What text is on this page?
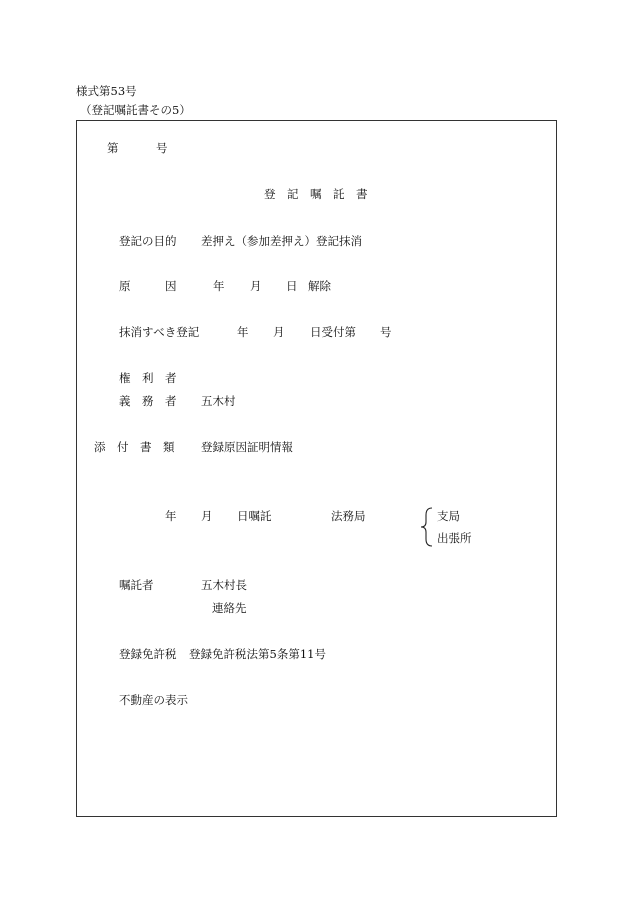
様式第53号
（登記嘱託書その5）
第	号
登　記　嘱　託　書
登記の目的 差押え（参加差押え）登記抹消
原	因	年 月 日 解除
抹消すべき登記	年 月 日受付第 号
権　利　者
義　務　者 五木村
添　付　書　類 登録原因証明情報
年 月 日嘱託	法務局	支局
出張所
嘱託者	五木村長
連絡先
登録免許税 登録免許税法第5条第11号
不動産の表示
